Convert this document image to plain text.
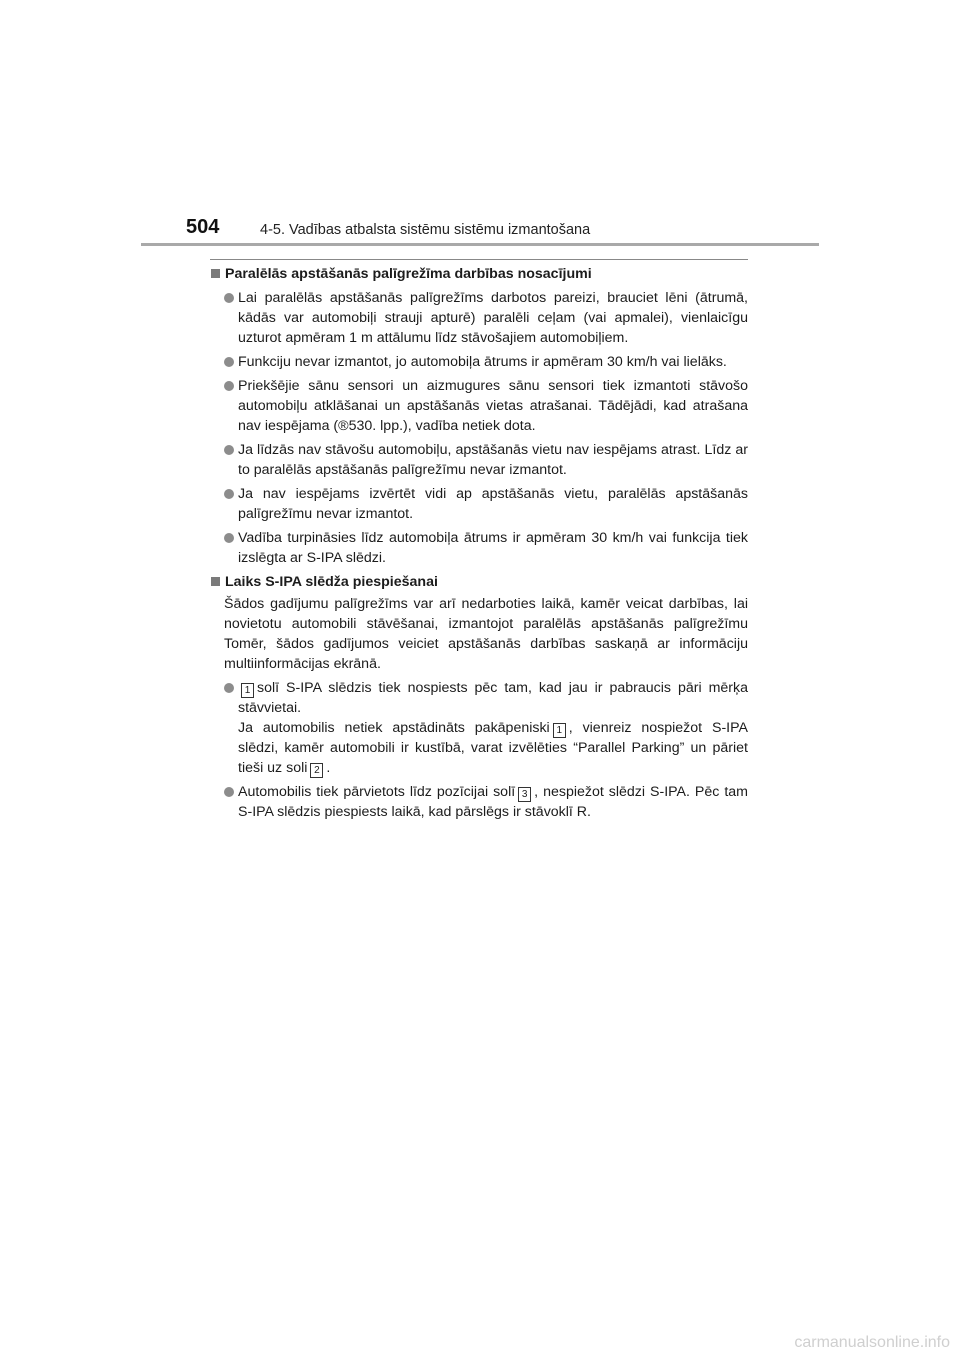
504	4-5. Vadības atbalsta sistēmu sistēmu izmantošana
Paralēlās apstāšanās palīgrežīma darbības nosacījumi
Lai paralēlās apstāšanās palīgrežīms darbotos pareizi, brauciet lēni (ātrumā, kādās var automobiļi strauji apturē) paralēli ceļam (vai apmalei), vienlaicīgu uzturot apmēram 1 m attālumu līdz stāvošajiem automobiļiem.
Funkciju nevar izmantot, jo automobiļa ātrums ir apmēram 30 km/h vai lielāks.
Priekšējie sānu sensori un aizmugures sānu sensori tiek izmantoti stāvošo automobiļu atklāšanai un apstāšanās vietas atrašanai. Tādējādi, kad atrašana nav iespējama (®530. lpp.), vadība netiek dota.
Ja līdzās nav stāvošu automobiļu, apstāšanās vietu nav iespējams atrast. Līdz ar to paralēlās apstāšanās palīgrežīmu nevar izmantot.
Ja nav iespējams izvērtēt vidi ap apstāšanās vietu, paralēlās apstāšanās palīgrežīmu nevar izmantot.
Vadība turpināsies līdz automobiļa ātrums ir apmēram 30 km/h vai funkcija tiek izslēgta ar S-IPA slēdzi.
Laiks S-IPA slēdža piespiešanai
Šādos gadījumu palīgrežīms var arī nedarboties laikā, kamēr veicat darbības, lai novietotu automobili stāvēšanai, izmantojot paralēlās apstāšanās palīgrežīmu Tomēr, šādos gadījumos veiciet apstāšanās darbības saskaņā ar informāciju multiinformācijas ekrānā.
1 solī S-IPA slēdzis tiek nospiests pēc tam, kad jau ir pabraucis pāri mērķa stāvvietai.
Ja automobilis netiek apstādināts pakāpeniski 1 , vienreiz nospiežot S-IPA slēdzi, kamēr automobili ir kustībā, varat izvēlēties “Parallel Parking” un pāriet tieši uz soli 2 .
Automobilis tiek pārvietots līdz pozīcijai solī 3 , nespiežot slēdzi S-IPA. Pēc tam S-IPA slēdzis piespiests laikā, kad pārslēgs ir stāvoklī R.
carmanualsonline.info
